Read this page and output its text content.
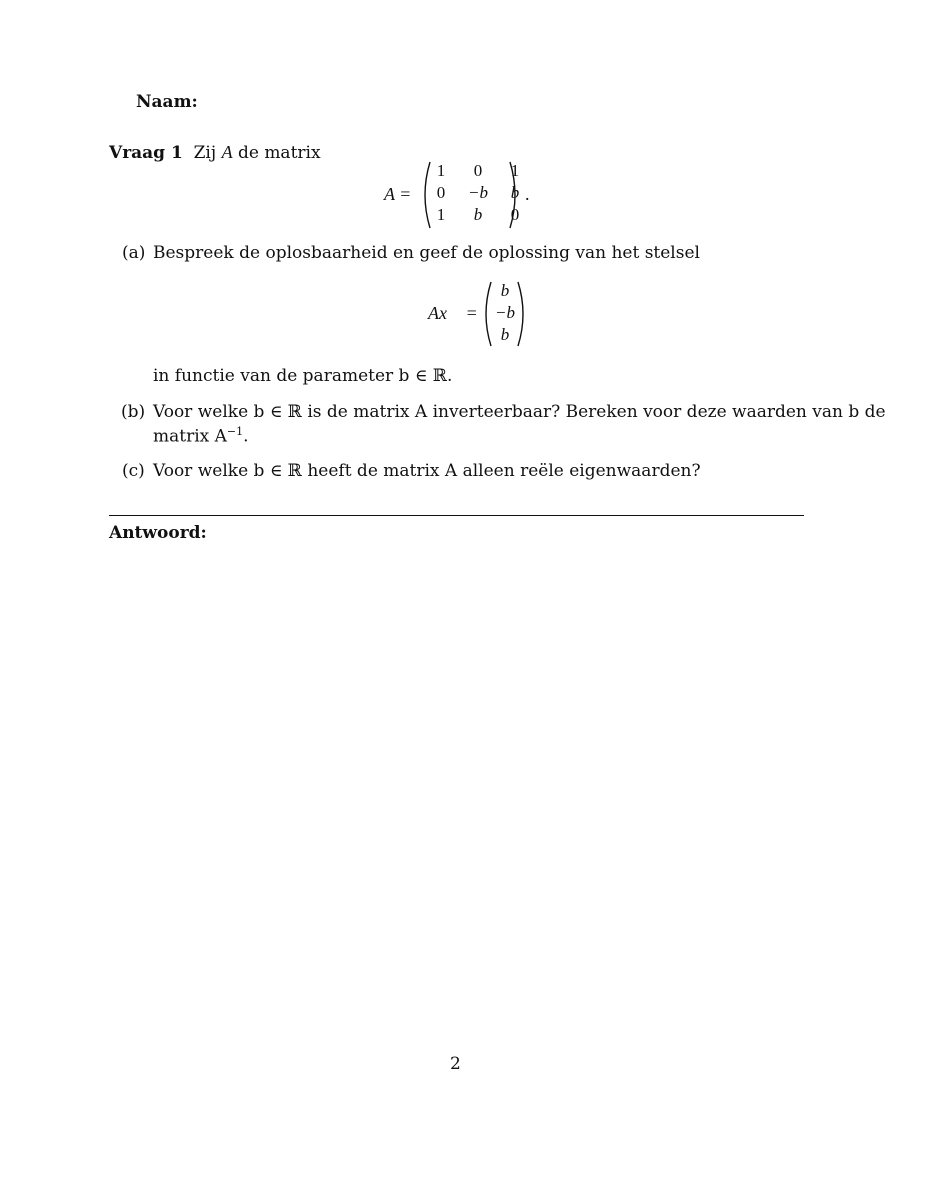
Naam:
Vraag 1 Zij A de matrix
A =
1	0	1
0	−b	b
1	b	0
.
(a) Bespreek de oplosbaarheid en geef de oplossing van het stelsel
Ax⃗ =
b
−b
b
in functie van de parameter b ∈ ℝ.
(b) Voor welke b ∈ ℝ is de matrix A inverteerbaar? Bereken voor deze waarden van b de
matrix $A^{-1}$.
(c) Voor welke b ∈ ℝ heeft de matrix A alleen reële eigenwaarden?
Antwoord:
2
